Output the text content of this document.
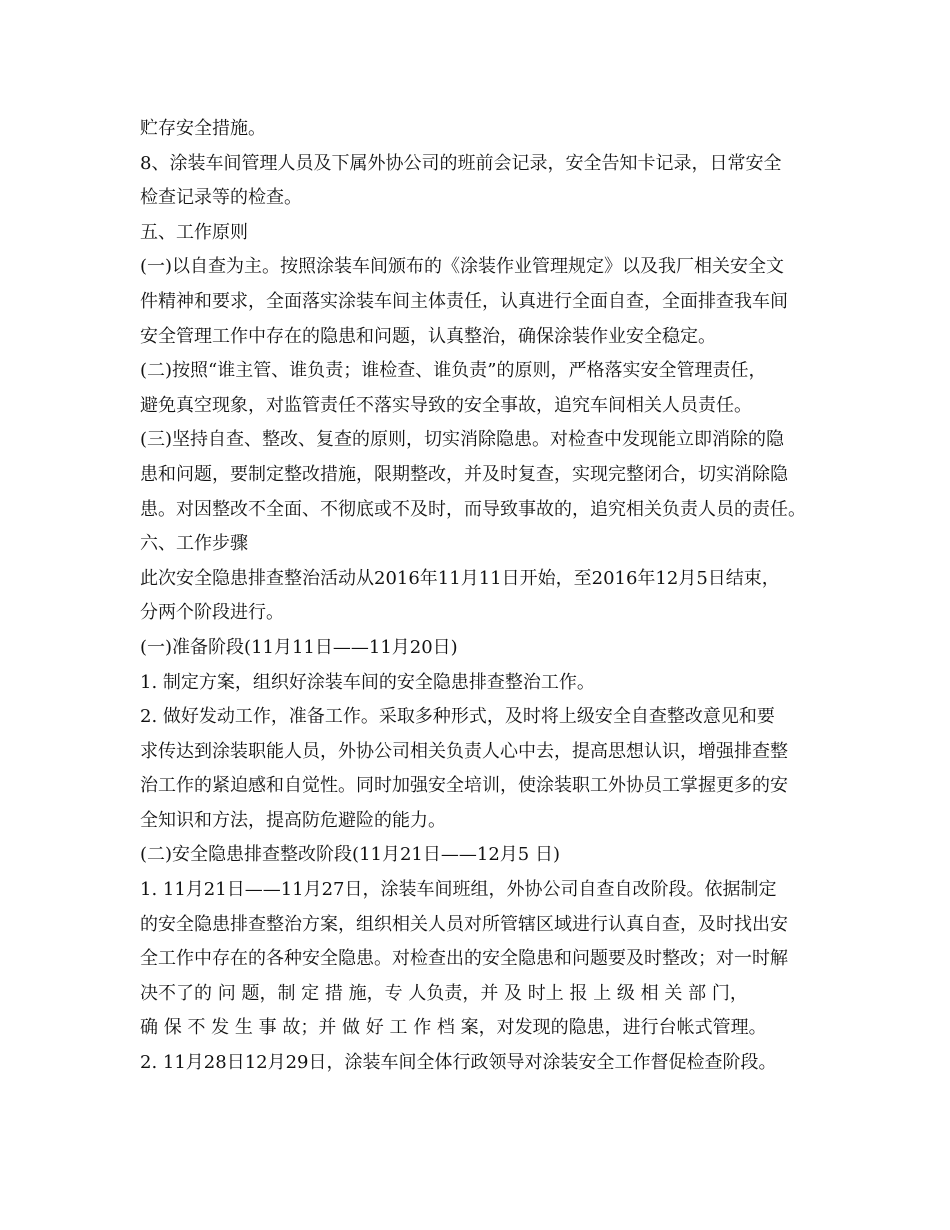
贮存安全措施。
8、涂装车间管理人员及下属外协公司的班前会记录，安全告知卡记录，日常安全
检查记录等的检查。
五、工作原则
(一)以自查为主。按照涂装车间颁布的《涂装作业管理规定》以及我厂相关安全文
件精神和要求，全面落实涂装车间主体责任，认真进行全面自查，全面排查我车间
安全管理工作中存在的隐患和问题，认真整治，确保涂装作业安全稳定。
(二)按照“谁主管、谁负责；谁检查、谁负责”的原则，严格落实安全管理责任，
避免真空现象，对监管责任不落实导致的安全事故，追究车间相关人员责任。
(三)坚持自查、整改、复查的原则，切实消除隐患。对检查中发现能立即消除的隐
患和问题，要制定整改措施，限期整改，并及时复查，实现完整闭合，切实消除隐
患。对因整改不全面、不彻底或不及时，而导致事故的，追究相关负责人员的责任。
六、工作步骤
此次安全隐患排查整治活动从2016年11月11日开始，至2016年12月5日结束，
分两个阶段进行。
(一)准备阶段(11月11日——11月20日)
1. 制定方案，组织好涂装车间的安全隐患排查整治工作。
2. 做好发动工作，准备工作。采取多种形式，及时将上级安全自查整改意见和要
求传达到涂装职能人员，外协公司相关负责人心中去，提高思想认识，增强排查整
治工作的紧迫感和自觉性。同时加强安全培训，使涂装职工外协员工掌握更多的安
全知识和方法，提高防危避险的能力。
(二)安全隐患排查整改阶段(11月21日——12月5 日)
1. 11月21日——11月27日，涂装车间班组，外协公司自查自改阶段。依据制定
的安全隐患排查整治方案，组织相关人员对所管辖区域进行认真自查，及时找出安
全工作中存在的各种安全隐患。对检查出的安全隐患和问题要及时整改；对一时解
决不了的 问 题，制 定 措 施，专 人负责，并 及 时上 报 上 级 相 关 部 门，
确 保 不 发 生 事 故；并 做 好 工 作 档 案，对发现的隐患，进行台帐式管理。
2. 11月28日12月29日，涂装车间全体行政领导对涂装安全工作督促检查阶段。
